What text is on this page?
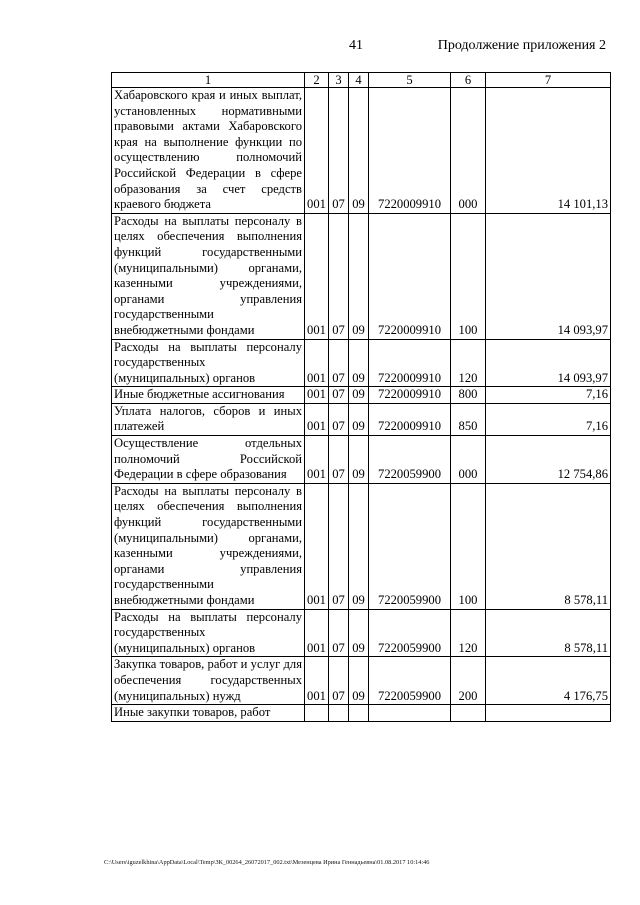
41	Продолжение приложения 2
1	2	3	4	5	6	7
Хабаровского края и иных выплат, установленных нормативными правовыми актами Хабаровского края на выполнение функции по осуществлению полномочий Российской Федерации в сфере образования за счет средств краевого бюджета	001	07	09	7220009910	000	14 101,13
Расходы на выплаты персоналу в целях обеспечения выполнения функций государственными (муниципальными) органами, казенными учреждениями, органами управления государственными внебюджетными фондами	001	07	09	7220009910	100	14 093,97
Расходы на выплаты персоналу государственных (муниципальных) органов	001	07	09	7220009910	120	14 093,97
Иные бюджетные ассигнования	001	07	09	7220009910	800	7,16
Уплата налогов, сборов и иных платежей	001	07	09	7220009910	850	7,16
Осуществление отдельных полномочий Российской Федерации в сфере образования	001	07	09	7220059900	000	12 754,86
Расходы на выплаты персоналу в целях обеспечения выполнения функций государственными (муниципальными) органами, казенными учреждениями, органами управления государственными внебюджетными фондами	001	07	09	7220059900	100	8 578,11
Расходы на выплаты персоналу государственных (муниципальных) органов	001	07	09	7220059900	120	8 578,11
Закупка товаров, работ и услуг для обеспечения государственных (муниципальных) нужд	001	07	09	7220059900	200	4 176,75
Иные закупки товаров, работ						
C:\Users\iguzelkhina\AppData\Local\Temp\ЗК_00264_26072017_002.txt\Мезенцева Ирина Геннадьевна\01.08.2017 10:14:46
